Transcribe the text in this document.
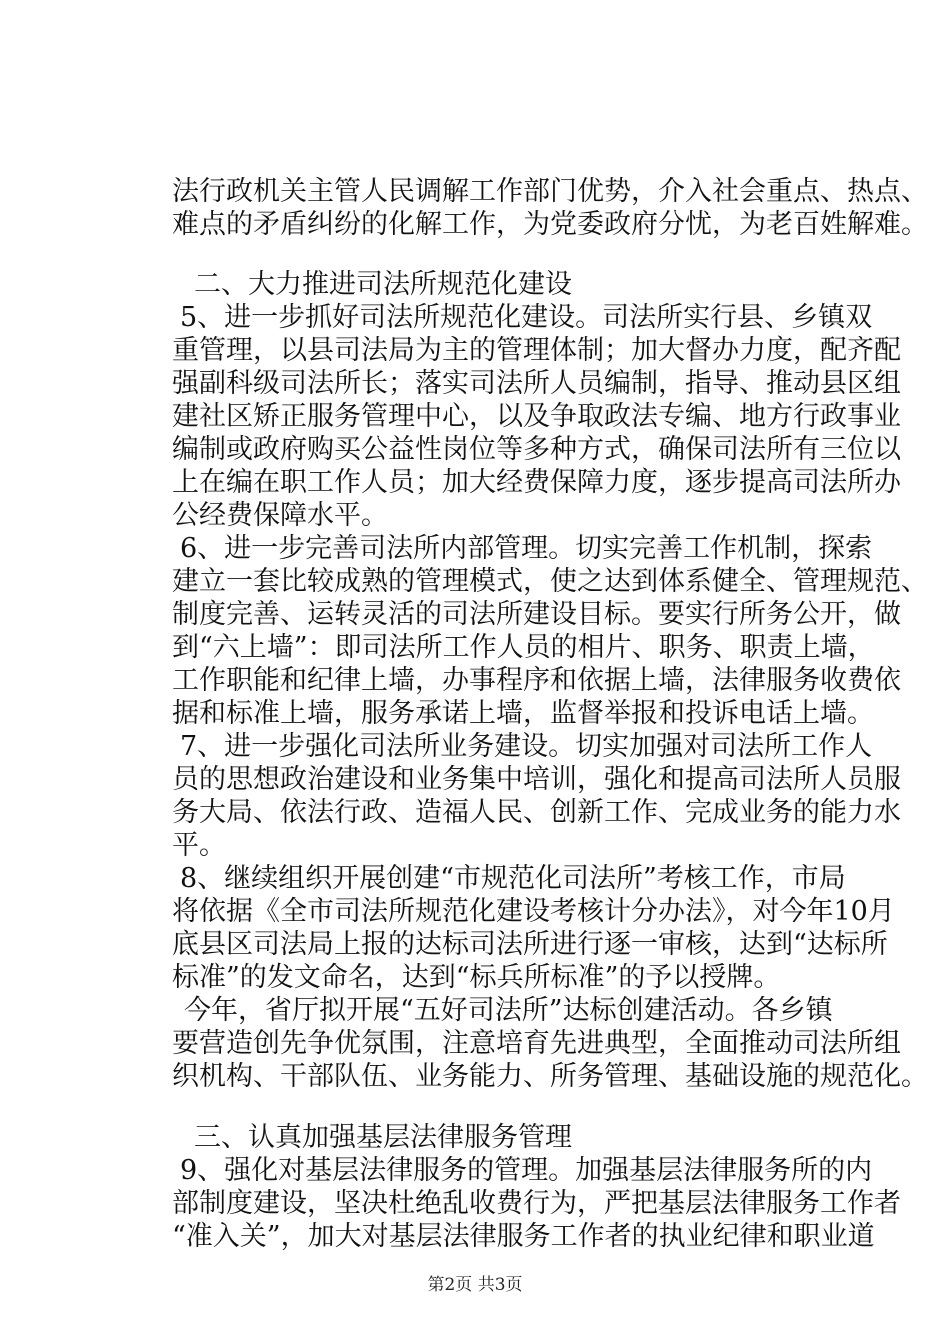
法行政机关主管人民调解工作部门优势，介入社会重点、热点、
难点的矛盾纠纷的化解工作，为党委政府分忧，为老百姓解难。
二、大力推进司法所规范化建设
5、进一步抓好司法所规范化建设。司法所实行县、乡镇双
重管理，以县司法局为主的管理体制；加大督办力度，配齐配
强副科级司法所长；落实司法所人员编制，指导、推动县区组
建社区矫正服务管理中心，以及争取政法专编、地方行政事业
编制或政府购买公益性岗位等多种方式，确保司法所有三位以
上在编在职工作人员；加大经费保障力度，逐步提高司法所办
公经费保障水平。
6、进一步完善司法所内部管理。切实完善工作机制，探索
建立一套比较成熟的管理模式，使之达到体系健全、管理规范、
制度完善、运转灵活的司法所建设目标。要实行所务公开，做
到“六上墙”：即司法所工作人员的相片、职务、职责上墙，
工作职能和纪律上墙，办事程序和依据上墙，法律服务收费依
据和标准上墙，服务承诺上墙，监督举报和投诉电话上墙。
7、进一步强化司法所业务建设。切实加强对司法所工作人
员的思想政治建设和业务集中培训，强化和提高司法所人员服
务大局、依法行政、造福人民、创新工作、完成业务的能力水
平。
8、继续组织开展创建“市规范化司法所”考核工作，市局
将依据《全市司法所规范化建设考核计分办法》，对今年10月
底县区司法局上报的达标司法所进行逐一审核，达到“达标所
标准”的发文命名，达到“标兵所标准”的予以授牌。
今年，省厅拟开展“五好司法所”达标创建活动。各乡镇
要营造创先争优氛围，注意培育先进典型，全面推动司法所组
织机构、干部队伍、业务能力、所务管理、基础设施的规范化。
三、认真加强基层法律服务管理
9、强化对基层法律服务的管理。加强基层法律服务所的内
部制度建设，坚决杜绝乱收费行为，严把基层法律服务工作者
“准入关”，加大对基层法律服务工作者的执业纪律和职业道
第2页 共3页
